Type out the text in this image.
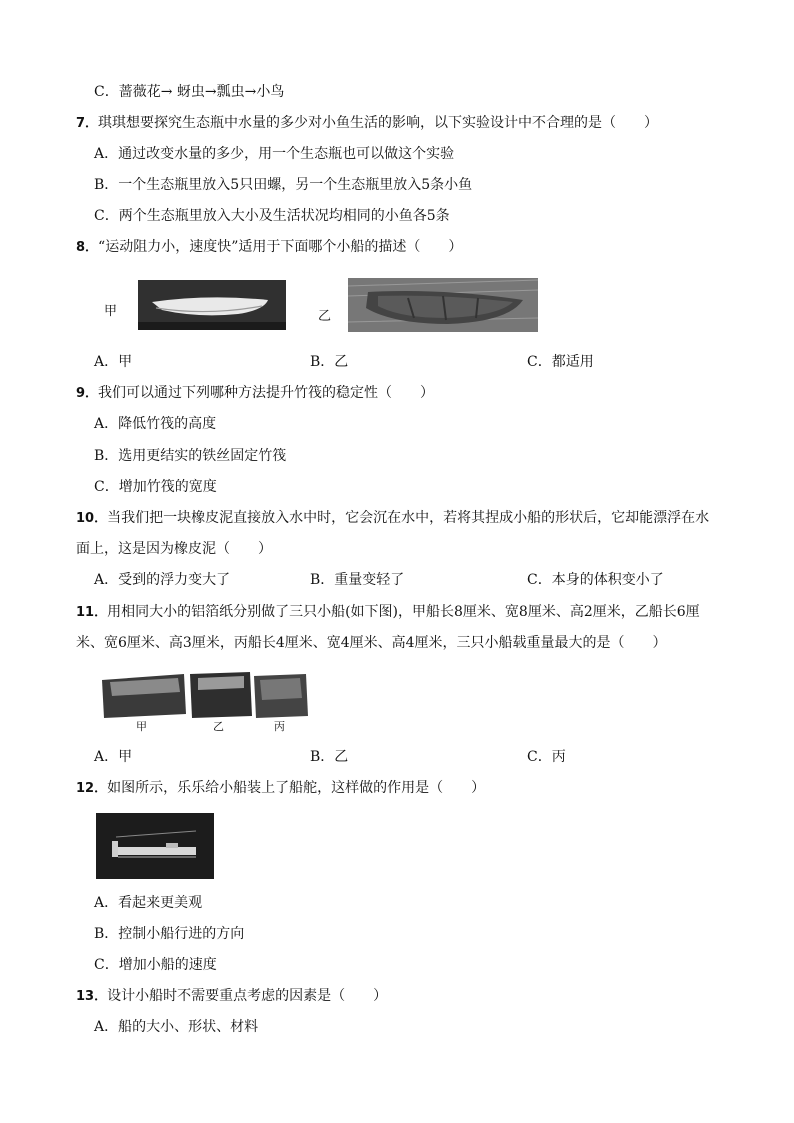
C．蔷薇花→ 蚜虫→瓢虫→小鸟
7．琪琪想要探究生态瓶中水量的多少对小鱼生活的影响，以下实验设计中不合理的是（　　）
A．通过改变水量的多少，用一个生态瓶也可以做这个实验
B．一个生态瓶里放入5只田螺，另一个生态瓶里放入5条小鱼
C．两个生态瓶里放入大小及生活状况均相同的小鱼各5条
8．“运动阻力小，速度快”适用于下面哪个小船的描述（　　）
甲	乙
A．甲	B．乙	C．都适用
9．我们可以通过下列哪种方法提升竹筏的稳定性（　　）
A．降低竹筏的高度
B．选用更结实的铁丝固定竹筏
C．增加竹筏的宽度
10．当我们把一块橡皮泥直接放入水中时，它会沉在水中，若将其捏成小船的形状后，它却能漂浮在水
面上，这是因为橡皮泥（　　）
A．受到的浮力变大了	B．重量变轻了	C．本身的体积变小了
11．用相同大小的铝箔纸分别做了三只小船(如下图)，甲船长8厘米、宽8厘米、高2厘米，乙船长6厘
米、宽6厘米、高3厘米，丙船长4厘米、宽4厘米、高4厘米，三只小船载重量最大的是（　　）
甲	乙	丙
A．甲	B．乙	C．丙
12．如图所示，乐乐给小船装上了船舵，这样做的作用是（　　）
A．看起来更美观
B．控制小船行进的方向
C．增加小船的速度
13．设计小船时不需要重点考虑的因素是（　　）
A．船的大小、形状、材料
